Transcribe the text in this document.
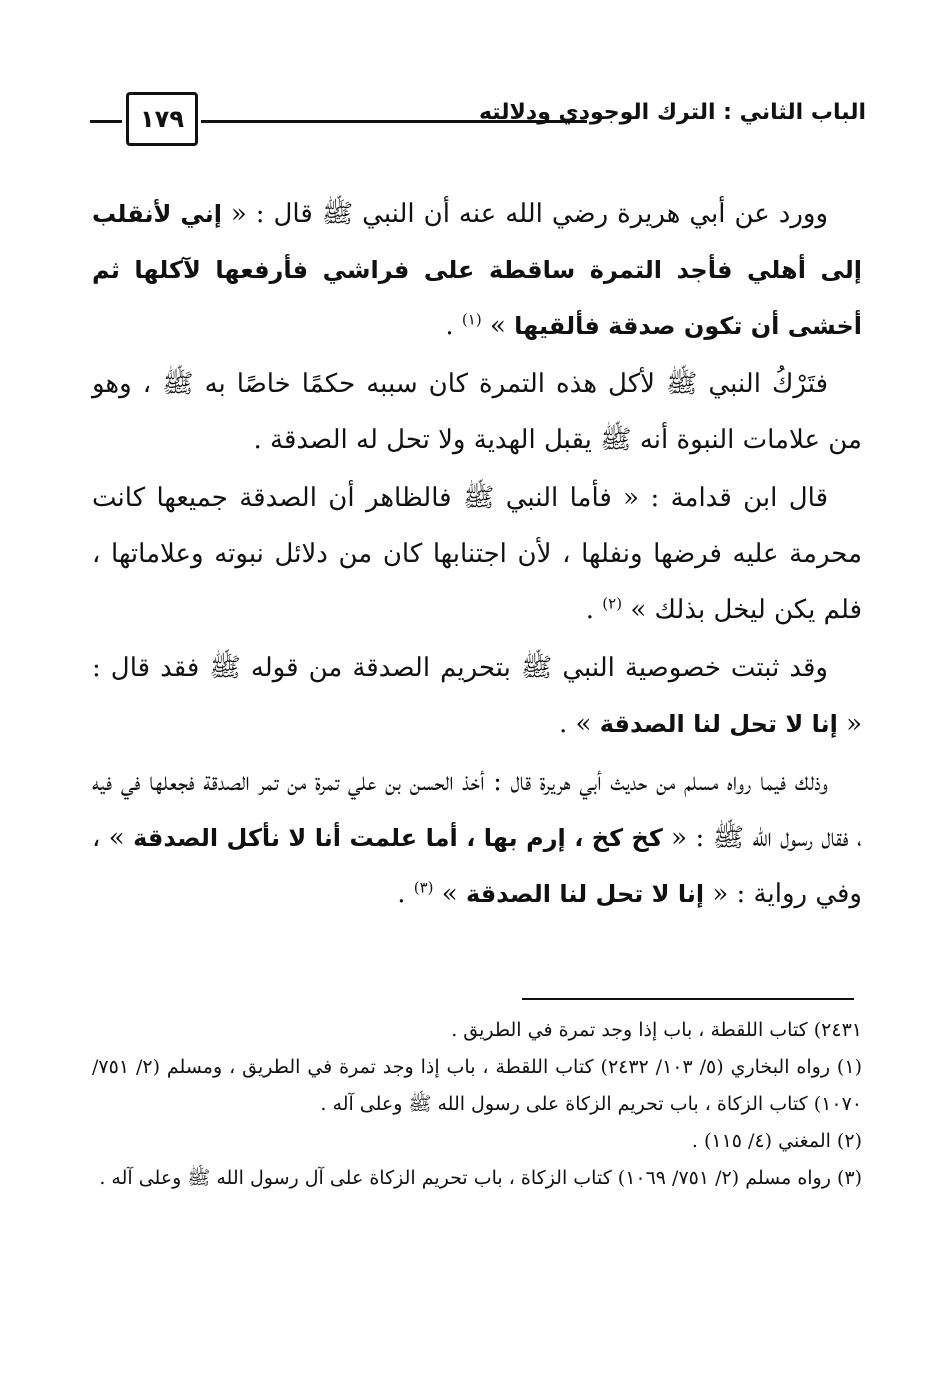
١٧٩	الباب الثاني : الترك الوجودي ودلالته

وورد عن أبي هريرة رضي الله عنه أن النبي ﷺ قال : « إني لأنقلب إلى أهلي فأجد التمرة ساقطة على فراشي فأرفعها لآكلها ثم أخشى أن تكون صدقة فألقيها » $^{(١)}$ .

فتَرْكُ النبي ﷺ لأكل هذه التمرة كان سببه حكمًا خاصًا به ﷺ ، وهو من علامات النبوة أنه ﷺ يقبل الهدية ولا تحل له الصدقة .

قال ابن قدامة : « فأما النبي ﷺ فالظاهر أن الصدقة جميعها كانت محرمة عليه فرضها ونفلها ، لأن اجتنابها كان من دلائل نبوته وعلاماتها ، فلم يكن ليخل بذلك » $^{(٢)}$ .

وقد ثبتت خصوصية النبي ﷺ بتحريم الصدقة من قوله ﷺ فقد قال : « إنا لا تحل لنا الصدقة » .

وذلك فيما رواه مسلم من حديث أبي هريرة قال : أخذ الحسن بن علي تمرة من تمر الصدقة فجعلها في فيه ، فقال رسول الله ﷺ : « كخ كخ ، إرم بها ، أما علمت أنا لا نأكل الصدقة » ، وفي رواية : « إنا لا تحل لنا الصدقة » $^{(٣)}$ .

٢٤٣١) كتاب اللقطة ، باب إذا وجد تمرة في الطريق .

(١) رواه البخاري (٥/ ١٠٣/ ٢٤٣٢) كتاب اللقطة ، باب إذا وجد تمرة في الطريق ، ومسلم (٢/ ٧٥١/ ١٠٧٠) كتاب الزكاة ، باب تحريم الزكاة على رسول الله ﷺ وعلى آله .

(٢) المغني (٤/ ١١٥) .

(٣) رواه مسلم (٢/ ٧٥١/ ١٠٦٩) كتاب الزكاة ، باب تحريم الزكاة على آل رسول الله ﷺ وعلى آله .
